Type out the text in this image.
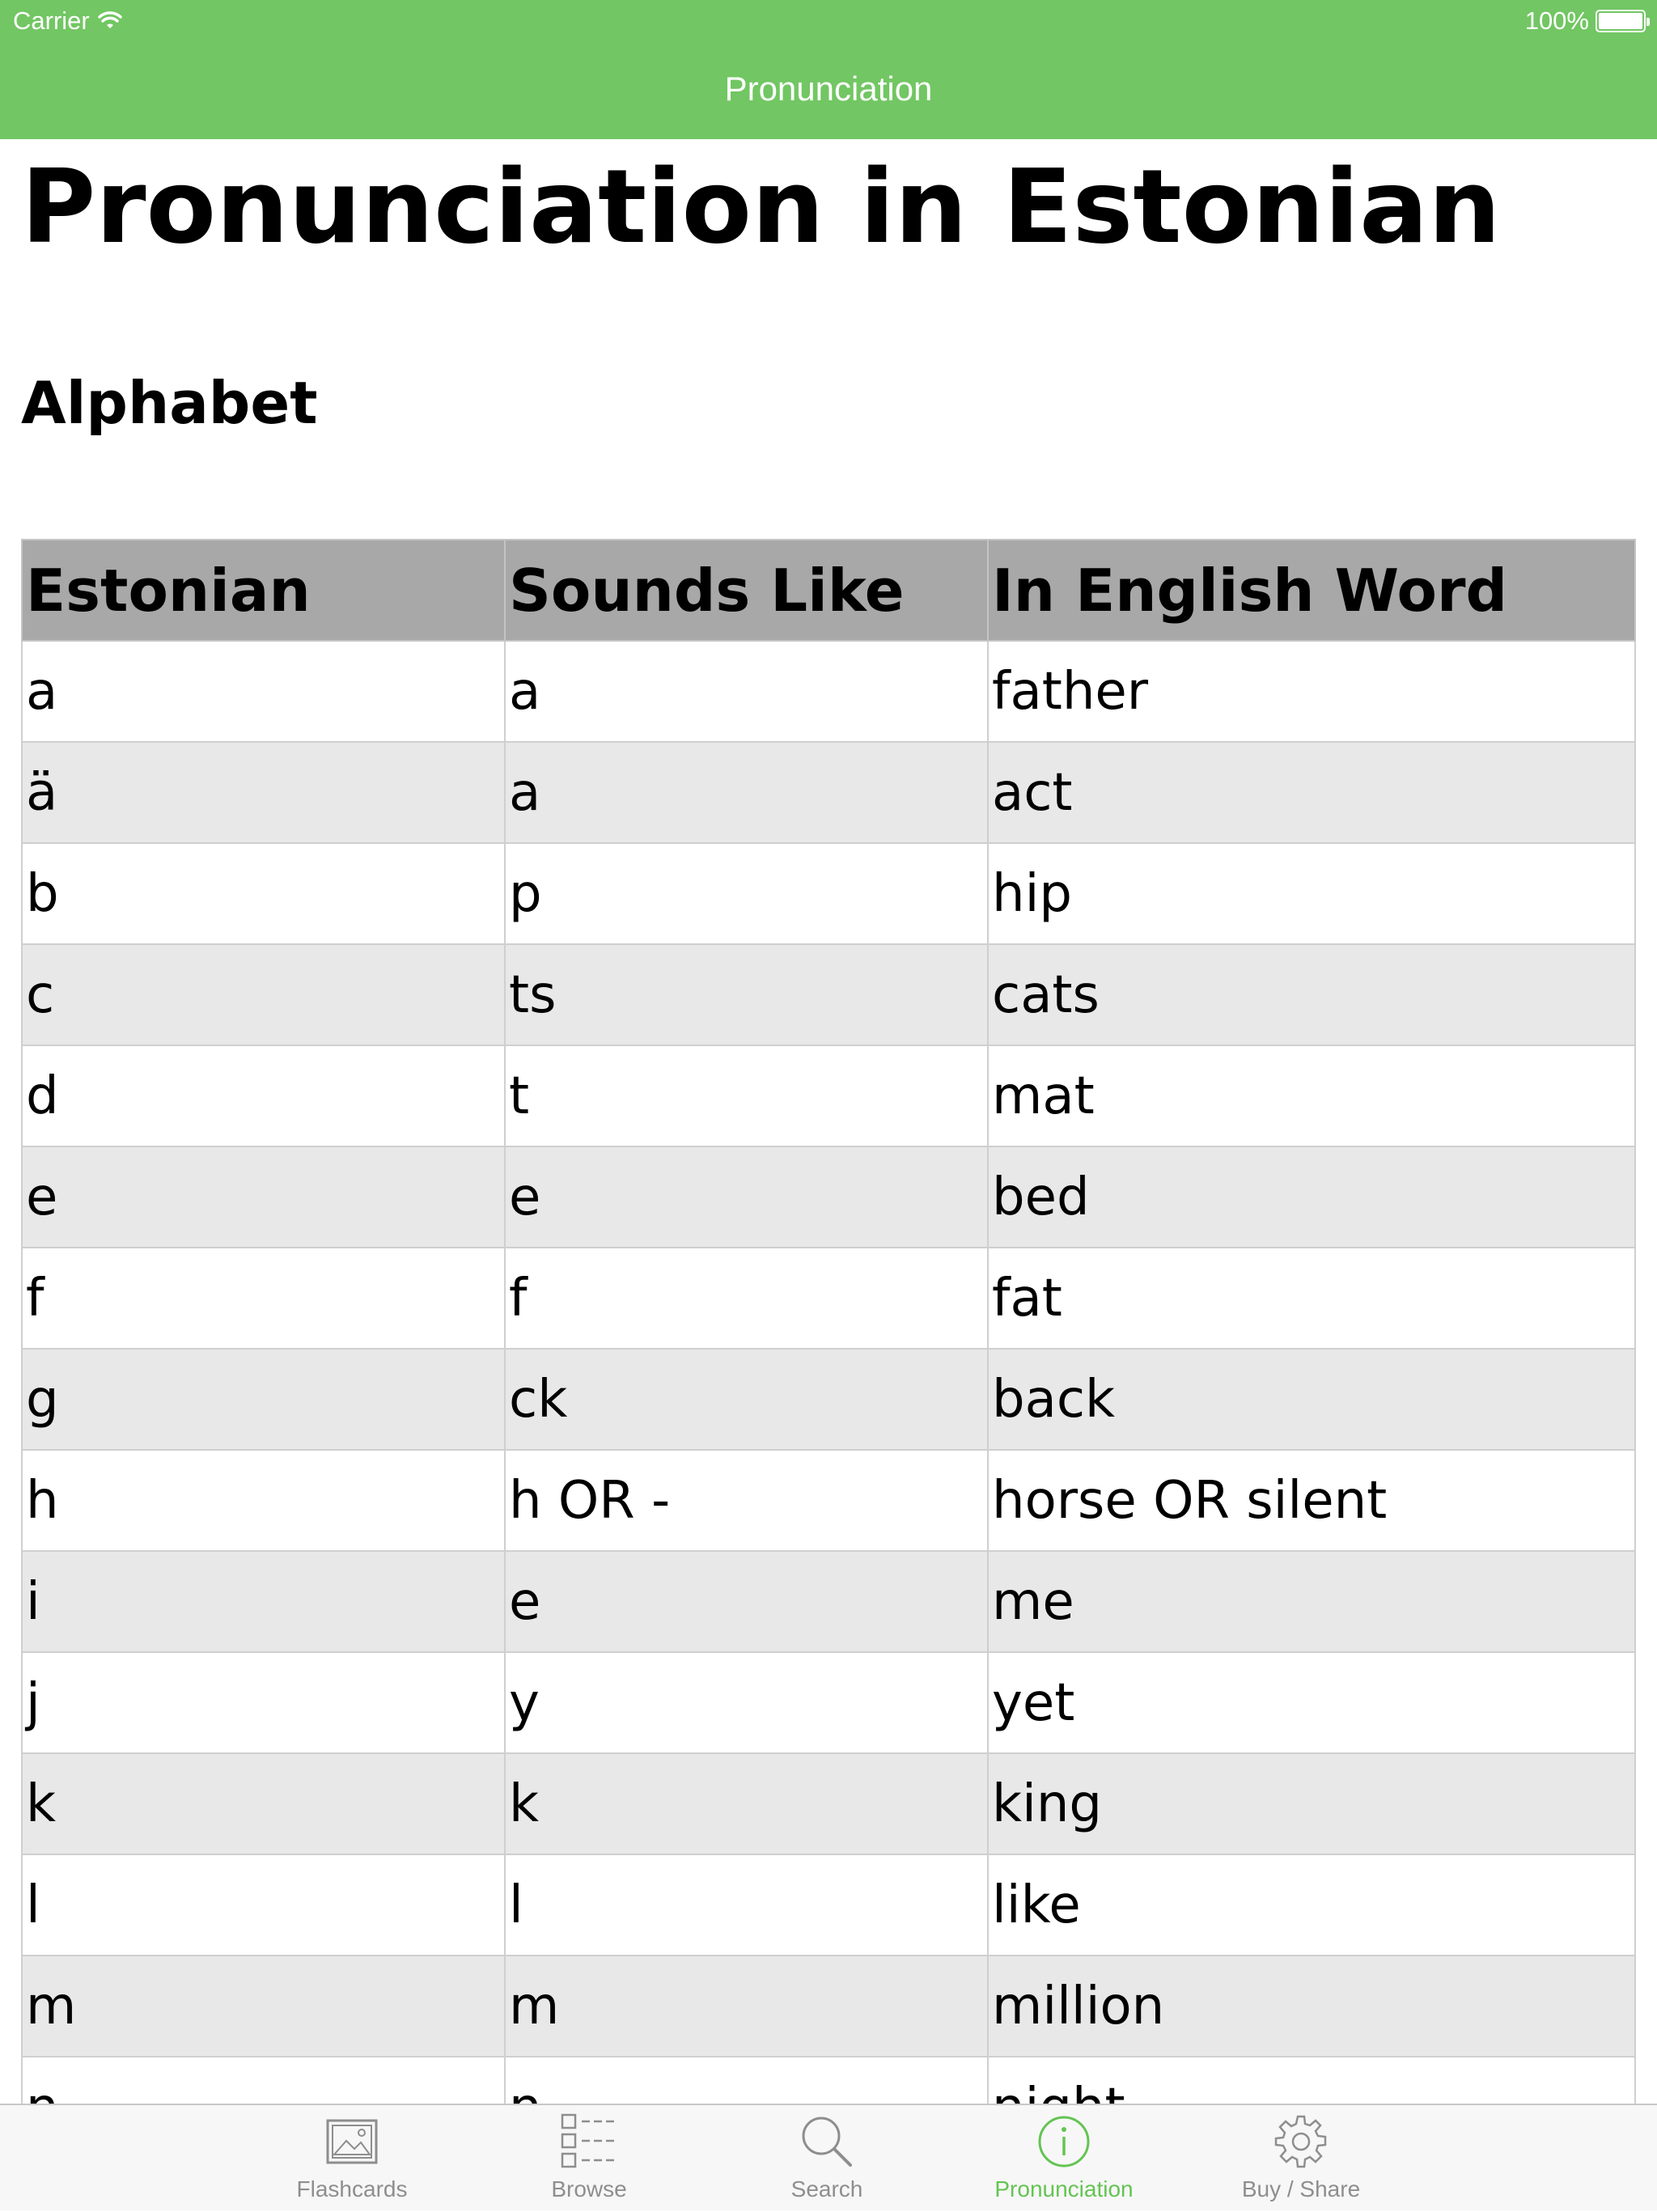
Carrier	100%
Pronunciation
Pronunciation in Estonian
Alphabet
Estonian	Sounds Like	In English Word
a	a	father
ä	a	act
b	p	hip
c	ts	cats
d	t	mat
e	e	bed
f	f	fat
g	ck	back
h	h OR -	horse OR silent
i	e	me
j	y	yet
k	k	king
l	l	like
m	m	million

Flashcards	Browse	Search	Pronunciation	Buy / Share
